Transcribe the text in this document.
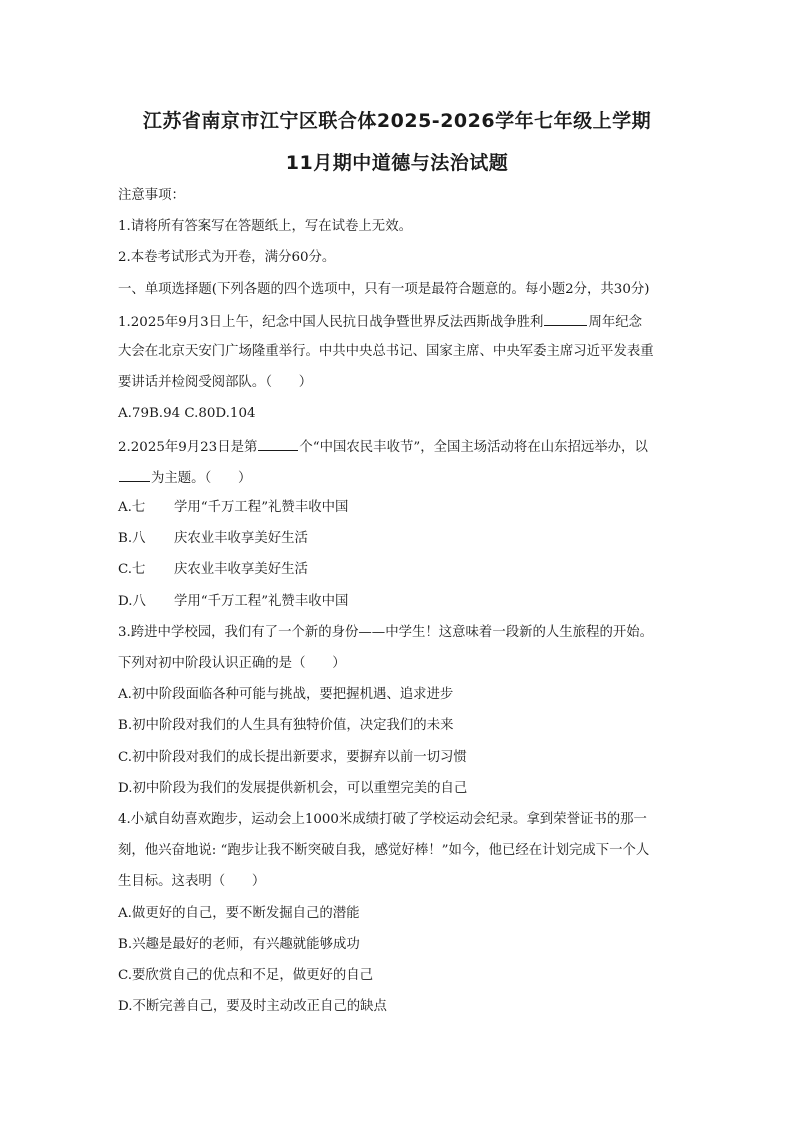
江苏省南京市江宁区联合体2025-2026学年七年级上学期
11月期中道德与法治试题
注意事项：
1.请将所有答案写在答题纸上，写在试卷上无效。
2.本卷考试形式为开卷，满分60分。
一、单项选择题(下列各题的四个选项中，只有一项是最符合题意的。每小题2分，共30分)
1.2025年9月3日上午，纪念中国人民抗日战争暨世界反法西斯战争胜利	周年纪念
大会在北京天安门广场隆重举行。中共中央总书记、国家主席、中央军委主席习近平发表重
要讲话并检阅受阅部队。（　　）
A.79B.94 C.80D.104
2.2025年9月23日是第	个“中国农民丰收节”，全国主场活动将在山东招远举办，以
为主题。（　　）
A.七 学用“千万工程”礼赞丰收中国
B.八 庆农业丰收享美好生活
C.七 庆农业丰收享美好生活
D.八 学用“千万工程”礼赞丰收中国
3.跨进中学校园，我们有了一个新的身份——中学生！这意味着一段新的人生旅程的开始。
下列对初中阶段认识正确的是（　　）
A.初中阶段面临各种可能与挑战，要把握机遇、追求进步
B.初中阶段对我们的人生具有独特价值，决定我们的未来
C.初中阶段对我们的成长提出新要求，要摒弃以前一切习惯
D.初中阶段为我们的发展提供新机会，可以重塑完美的自己
4.小斌自幼喜欢跑步，运动会上1000米成绩打破了学校运动会纪录。拿到荣誉证书的那一
刻，他兴奋地说: “跑步让我不断突破自我，感觉好棒！”如今，他已经在计划完成下一个人
生目标。这表明（　　）
A.做更好的自己，要不断发掘自己的潜能
B.兴趣是最好的老师，有兴趣就能够成功
C.要欣赏自己的优点和不足，做更好的自己
D.不断完善自己，要及时主动改正自己的缺点
